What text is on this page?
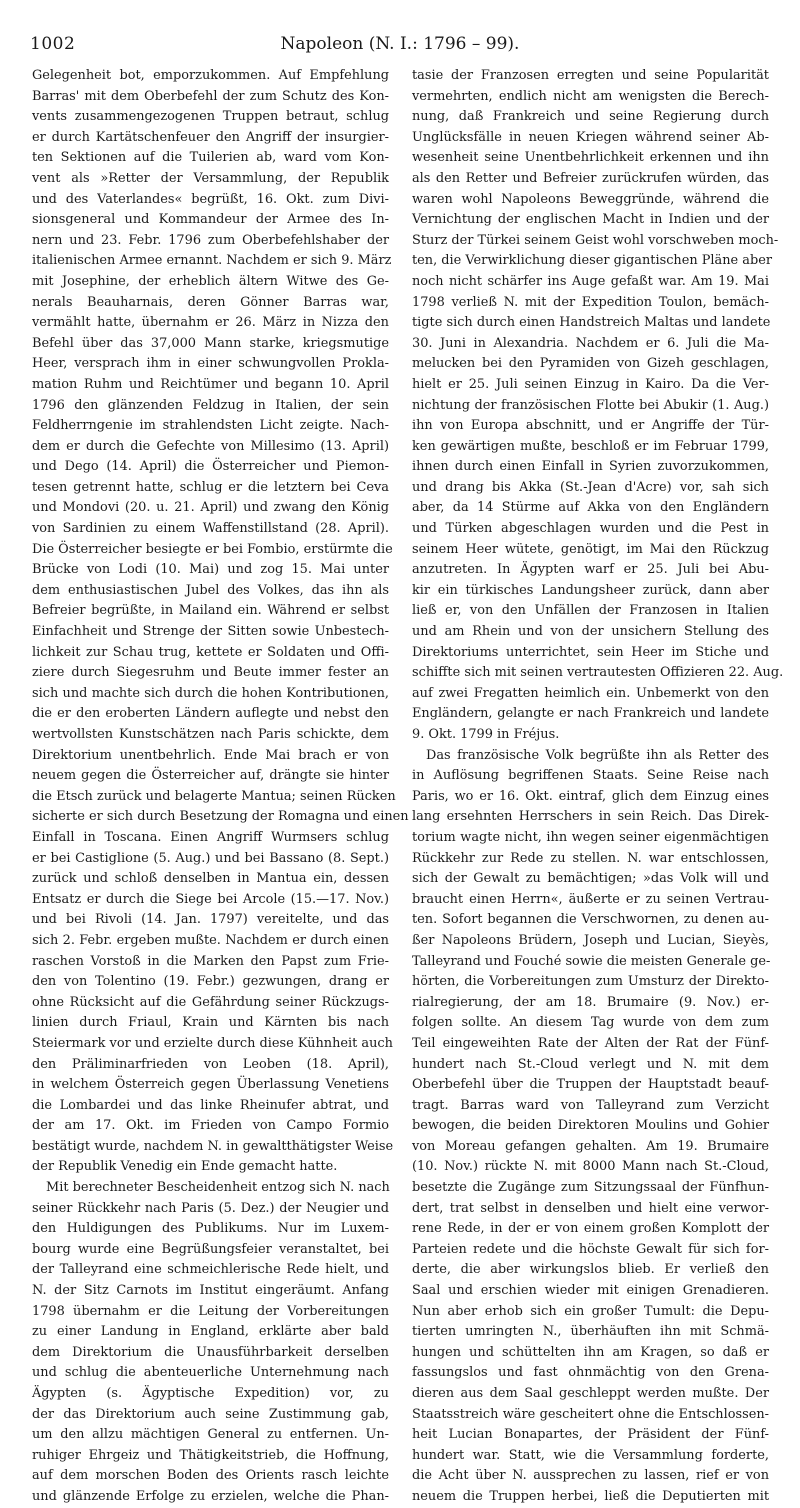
1002	Napoleon (N. I.: 1796 – 99).
Gelegenheit bot, emporzukommen. Auf Empfehlung
Barras' mit dem Oberbefehl der zum Schutz des Kon-
vents zusammengezogenen Truppen betraut, schlug
er durch Kartätschenfeuer den Angriff der insurgier-
ten Sektionen auf die Tuilerien ab, ward vom Kon-
vent als »Retter der Versammlung, der Republik
und des Vaterlandes« begrüßt, 16. Okt. zum Divi-
sionsgeneral und Kommandeur der Armee des In-
nern und 23. Febr. 1796 zum Oberbefehlshaber der
italienischen Armee ernannt. Nachdem er sich 9. März
mit Josephine, der erheblich ältern Witwe des Ge-
nerals Beauharnais, deren Gönner Barras war,
vermählt hatte, übernahm er 26. März in Nizza den
Befehl über das 37,000 Mann starke, kriegsmutige
Heer, versprach ihm in einer schwungvollen Prokla-
mation Ruhm und Reichtümer und begann 10. April
1796 den glänzenden Feldzug in Italien, der sein
Feldherrngenie im strahlendsten Licht zeigte. Nach-
dem er durch die Gefechte von Millesimo (13. April)
und Dego (14. April) die Österreicher und Piemon-
tesen getrennt hatte, schlug er die letztern bei Ceva
und Mondovi (20. u. 21. April) und zwang den König
von Sardinien zu einem Waffenstillstand (28. April).
Die Österreicher besiegte er bei Fombio, erstürmte die
Brücke von Lodi (10. Mai) und zog 15. Mai unter
dem enthusiastischen Jubel des Volkes, das ihn als
Befreier begrüßte, in Mailand ein. Während er selbst
Einfachheit und Strenge der Sitten sowie Unbestech-
lichkeit zur Schau trug, kettete er Soldaten und Offi-
ziere durch Siegesruhm und Beute immer fester an
sich und machte sich durch die hohen Kontributionen,
die er den eroberten Ländern auflegte und nebst den
wertvollsten Kunstschätzen nach Paris schickte, dem
Direktorium unentbehrlich. Ende Mai brach er von
neuem gegen die Österreicher auf, drängte sie hinter
die Etsch zurück und belagerte Mantua; seinen Rücken
sicherte er sich durch Besetzung der Romagna und einen
Einfall in Toscana. Einen Angriff Wurmsers schlug
er bei Castiglione (5. Aug.) und bei Bassano (8. Sept.)
zurück und schloß denselben in Mantua ein, dessen
Entsatz er durch die Siege bei Arcole (15.—17. Nov.)
und bei Rivoli (14. Jan. 1797) vereitelte, und das
sich 2. Febr. ergeben mußte. Nachdem er durch einen
raschen Vorstoß in die Marken den Papst zum Frie-
den von Tolentino (19. Febr.) gezwungen, drang er
ohne Rücksicht auf die Gefährdung seiner Rückzugs-
linien durch Friaul, Krain und Kärnten bis nach
Steiermark vor und erzielte durch diese Kühnheit auch
den Präliminarfrieden von Leoben (18. April),
in welchem Österreich gegen Überlassung Venetiens
die Lombardei und das linke Rheinufer abtrat, und
der am 17. Okt. im Frieden von Campo Formio
bestätigt wurde, nachdem N. in gewaltthätigster Weise
der Republik Venedig ein Ende gemacht hatte.
Mit berechneter Bescheidenheit entzog sich N. nach
seiner Rückkehr nach Paris (5. Dez.) der Neugier und
den Huldigungen des Publikums. Nur im Luxem-
bourg wurde eine Begrüßungsfeier veranstaltet, bei
der Talleyrand eine schmeichlerische Rede hielt, und
N. der Sitz Carnots im Institut eingeräumt. Anfang
1798 übernahm er die Leitung der Vorbereitungen
zu einer Landung in England, erklärte aber bald
dem Direktorium die Unausführbarkeit derselben
und schlug die abenteuerliche Unternehmung nach
Ägypten (s. Ägyptische Expedition) vor, zu
der das Direktorium auch seine Zustimmung gab,
um den allzu mächtigen General zu entfernen. Un-
ruhiger Ehrgeiz und Thätigkeitstrieb, die Hoffnung,
auf dem morschen Boden des Orients rasch leichte
und glänzende Erfolge zu erzielen, welche die Phan-
tasie der Franzosen erregten und seine Popularität
vermehrten, endlich nicht am wenigsten die Berech-
nung, daß Frankreich und seine Regierung durch
Unglücksfälle in neuen Kriegen während seiner Ab-
wesenheit seine Unentbehrlichkeit erkennen und ihn
als den Retter und Befreier zurückrufen würden, das
waren wohl Napoleons Beweggründe, während die
Vernichtung der englischen Macht in Indien und der
Sturz der Türkei seinem Geist wohl vorschweben moch-
ten, die Verwirklichung dieser gigantischen Pläne aber
noch nicht schärfer ins Auge gefaßt war. Am 19. Mai
1798 verließ N. mit der Expedition Toulon, bemäch-
tigte sich durch einen Handstreich Maltas und landete
30. Juni in Alexandria. Nachdem er 6. Juli die Ma-
melucken bei den Pyramiden von Gizeh geschlagen,
hielt er 25. Juli seinen Einzug in Kairo. Da die Ver-
nichtung der französischen Flotte bei Abukir (1. Aug.)
ihn von Europa abschnitt, und er Angriffe der Tür-
ken gewärtigen mußte, beschloß er im Februar 1799,
ihnen durch einen Einfall in Syrien zuvorzukommen,
und drang bis Akka (St.-Jean d'Acre) vor, sah sich
aber, da 14 Stürme auf Akka von den Engländern
und Türken abgeschlagen wurden und die Pest in
seinem Heer wütete, genötigt, im Mai den Rückzug
anzutreten. In Ägypten warf er 25. Juli bei Abu-
kir ein türkisches Landungsheer zurück, dann aber
ließ er, von den Unfällen der Franzosen in Italien
und am Rhein und von der unsichern Stellung des
Direktoriums unterrichtet, sein Heer im Stiche und
schiffte sich mit seinen vertrautesten Offizieren 22. Aug.
auf zwei Fregatten heimlich ein. Unbemerkt von den
Engländern, gelangte er nach Frankreich und landete
9. Okt. 1799 in Fréjus.
Das französische Volk begrüßte ihn als Retter des
in Auflösung begriffenen Staats. Seine Reise nach
Paris, wo er 16. Okt. eintraf, glich dem Einzug eines
lang ersehnten Herrschers in sein Reich. Das Direk-
torium wagte nicht, ihn wegen seiner eigenmächtigen
Rückkehr zur Rede zu stellen. N. war entschlossen,
sich der Gewalt zu bemächtigen; »das Volk will und
braucht einen Herrn«, äußerte er zu seinen Vertrau-
ten. Sofort begannen die Verschwornen, zu denen au-
ßer Napoleons Brüdern, Joseph und Lucian, Sieyès,
Talleyrand und Fouché sowie die meisten Generale ge-
hörten, die Vorbereitungen zum Umsturz der Direkto-
rialregierung, der am 18. Brumaire (9. Nov.) er-
folgen sollte. An diesem Tag wurde von dem zum
Teil eingeweihten Rate der Alten der Rat der Fünf-
hundert nach St.-Cloud verlegt und N. mit dem
Oberbefehl über die Truppen der Hauptstadt beauf-
tragt. Barras ward von Talleyrand zum Verzicht
bewogen, die beiden Direktoren Moulins und Gohier
von Moreau gefangen gehalten. Am 19. Brumaire
(10. Nov.) rückte N. mit 8000 Mann nach St.-Cloud,
besetzte die Zugänge zum Sitzungssaal der Fünfhun-
dert, trat selbst in denselben und hielt eine verwor-
rene Rede, in der er von einem großen Komplott der
Parteien redete und die höchste Gewalt für sich for-
derte, die aber wirkungslos blieb. Er verließ den
Saal und erschien wieder mit einigen Grenadieren.
Nun aber erhob sich ein großer Tumult: die Depu-
tierten umringten N., überhäuften ihn mit Schmä-
hungen und schüttelten ihn am Kragen, so daß er
fassungslos und fast ohnmächtig von den Grena-
dieren aus dem Saal geschleppt werden mußte. Der
Staatsstreich wäre gescheitert ohne die Entschlossen-
heit Lucian Bonapartes, der Präsident der Fünf-
hundert war. Statt, wie die Versammlung forderte,
die Acht über N. aussprechen zu lassen, rief er von
neuem die Truppen herbei, ließ die Deputierten mit
